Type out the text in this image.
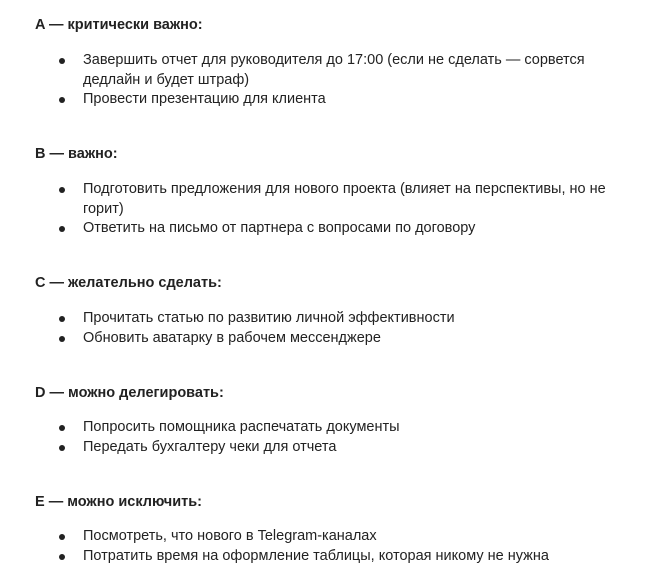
A — критически важно:
Завершить отчет для руководителя до 17:00 (если не сделать — сорвется дедлайн и будет штраф)
Провести презентацию для клиента
B — важно:
Подготовить предложения для нового проекта (влияет на перспективы, но не горит)
Ответить на письмо от партнера с вопросами по договору
C — желательно сделать:
Прочитать статью по развитию личной эффективности
Обновить аватарку в рабочем мессенджере
D — можно делегировать:
Попросить помощника распечатать документы
Передать бухгалтеру чеки для отчета
E — можно исключить:
Посмотреть, что нового в Telegram-каналах
Потратить время на оформление таблицы, которая никому не нужна
